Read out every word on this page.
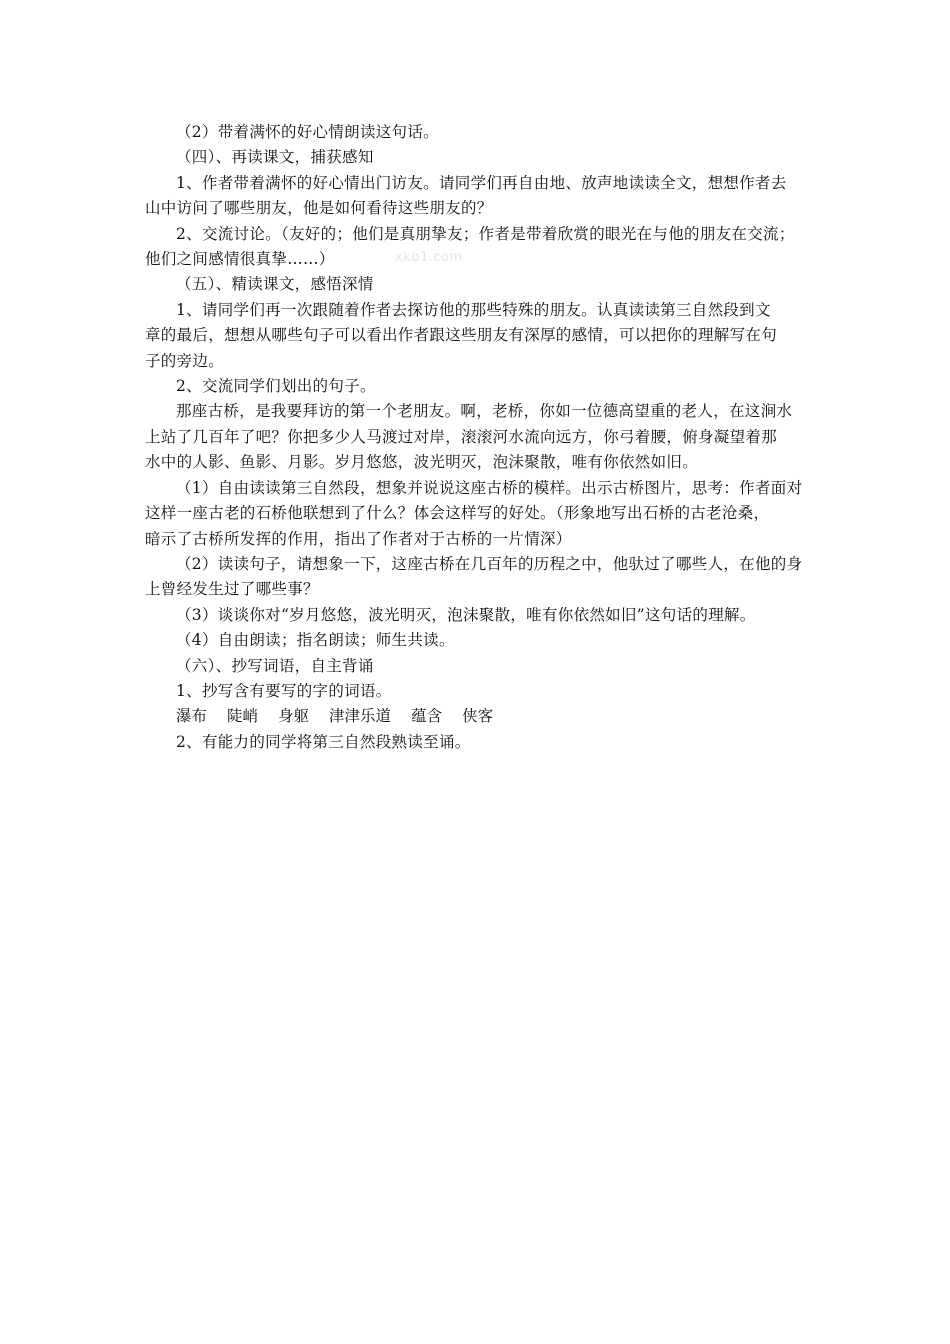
xkb1.com

（2）带着满怀的好心情朗读这句话。

（四）、再读课文，捕获感知

1、作者带着满怀的好心情出门访友。请同学们再自由地、放声地读读全文，想想作者去

山中访问了哪些朋友，他是如何看待这些朋友的？

2、交流讨论。（友好的；他们是真朋挚友；作者是带着欣赏的眼光在与他的朋友在交流；

他们之间感情很真挚……）

（五）、精读课文，感悟深情

1、请同学们再一次跟随着作者去探访他的那些特殊的朋友。认真读读第三自然段到文

章的最后，想想从哪些句子可以看出作者跟这些朋友有深厚的感情，可以把你的理解写在句

子的旁边。

2、交流同学们划出的句子。

那座古桥，是我要拜访的第一个老朋友。啊，老桥，你如一位德高望重的老人，在这涧水

上站了几百年了吧？你把多少人马渡过对岸，滚滚河水流向远方，你弓着腰，俯身凝望着那

水中的人影、鱼影、月影。岁月悠悠，波光明灭，泡沫聚散，唯有你依然如旧。

（1）自由读读第三自然段，想象并说说这座古桥的模样。出示古桥图片，思考：作者面对

这样一座古老的石桥他联想到了什么？体会这样写的好处。（形象地写出石桥的古老沧桑，

暗示了古桥所发挥的作用，指出了作者对于古桥的一片情深）

（2）读读句子，请想象一下，这座古桥在几百年的历程之中，他驮过了哪些人，在他的身

上曾经发生过了哪些事？

（3）谈谈你对“岁月悠悠，波光明灭，泡沫聚散，唯有你依然如旧”这句话的理解。

（4）自由朗读；指名朗读；师生共读。

（六）、抄写词语，自主背诵

1、抄写含有要写的字的词语。

瀑布 陡峭 身躯 津津乐道 蕴含 侠客

2、有能力的同学将第三自然段熟读至诵。
